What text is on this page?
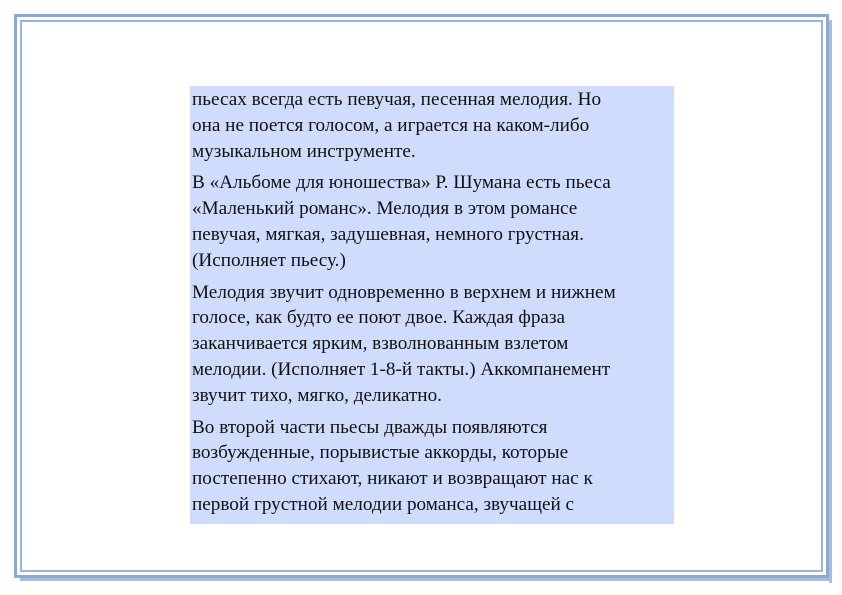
пьесах всегда есть певучая, песенная мелодия. Но
она не поется голосом, а играется на каком-либо
музыкальном инструменте.

В «Альбоме для юношества» Р. Шумана есть пьеса
«Маленький романс». Мелодия в этом романсе
певучая, мягкая, задушевная, немного грустная.
(Исполняет пьесу.)

Мелодия звучит одновременно в верхнем и нижнем
голосе, как будто ее поют двое. Каждая фраза
заканчивается ярким, взволнованным взлетом
мелодии. (Исполняет 1-8-й такты.) Аккомпанемент
звучит тихо, мягко, деликатно.

Во второй части пьесы дважды появляются
возбужденные, порывистые аккорды, которые
постепенно стихают, никают и возвращают нас к
первой грустной мелодии романса, звучащей с
